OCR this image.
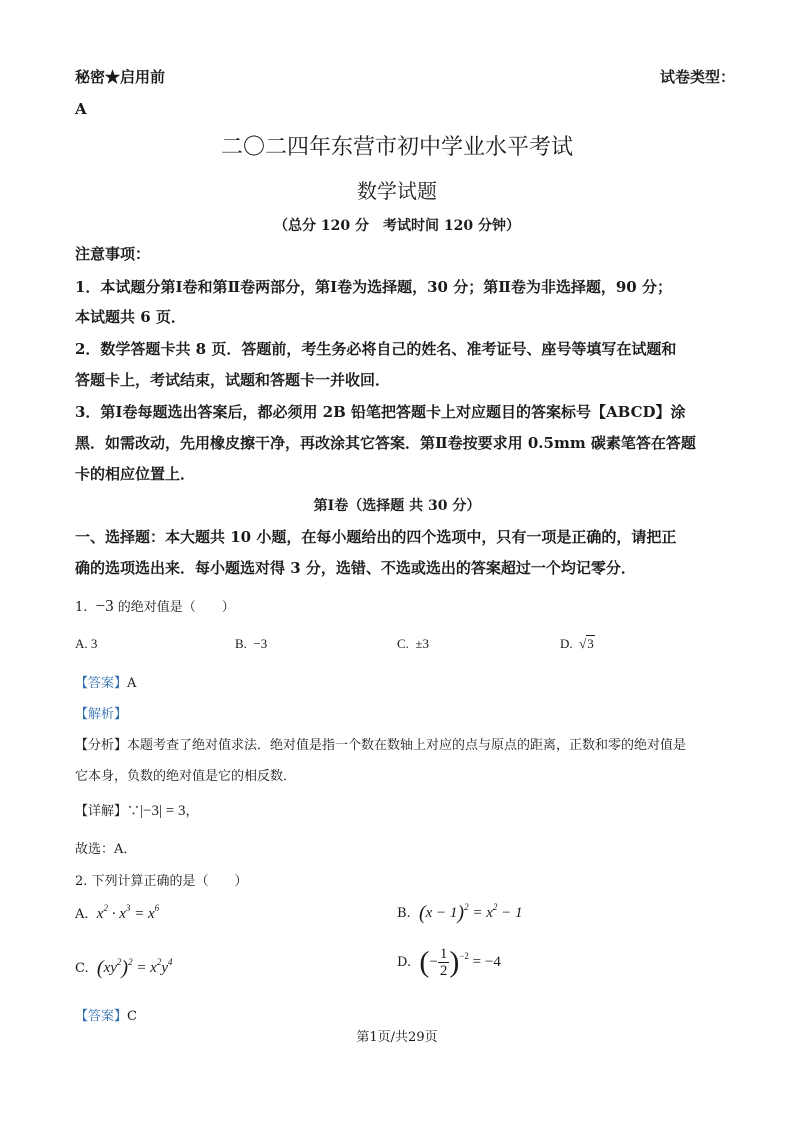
秘密★启用前	试卷类型：
A
二〇二四年东营市初中学业水平考试
数学试题
（总分 120 分　考试时间 120 分钟）
注意事项：
1．本试题分第Ⅰ卷和第Ⅱ卷两部分，第Ⅰ卷为选择题，30 分；第Ⅱ卷为非选择题，90 分；
本试题共 6 页．
2．数学答题卡共 8 页．答题前，考生务必将自己的姓名、准考证号、座号等填写在试题和
答题卡上，考试结束，试题和答题卡一并收回．
3．第Ⅰ卷每题选出答案后，都必须用 2B 铅笔把答题卡上对应题目的答案标号【ABCD】涂
黑．如需改动，先用橡皮擦干净，再改涂其它答案．第Ⅱ卷按要求用 0.5mm 碳素笔答在答题
卡的相应位置上．
第Ⅰ卷（选择题 共 30 分）
一、选择题：本大题共 10 小题，在每小题给出的四个选项中，只有一项是正确的，请把正
确的选项选出来．每小题选对得 3 分，选错、不选或选出的答案超过一个均记零分．
1. −3 的绝对值是（　　）
A. 3	B. −3	C. ±3	D. √3
【答案】A
【解析】
【分析】本题考查了绝对值求法．绝对值是指一个数在数轴上对应的点与原点的距离，正数和零的绝对值是
它本身，负数的绝对值是它的相反数．
【详解】∵|−3| = 3，
故选：A．
2. 下列计算正确的是（　　）
A. $x^2 \cdot x^3 = x^6$	B. $(x - 1)^2 = x^2 - 1$
C. $(xy^2)^2 = x^2y^4$	D. (− $\frac{1}{2} )^{-2} = -4$
【答案】C
第1页/共29页
